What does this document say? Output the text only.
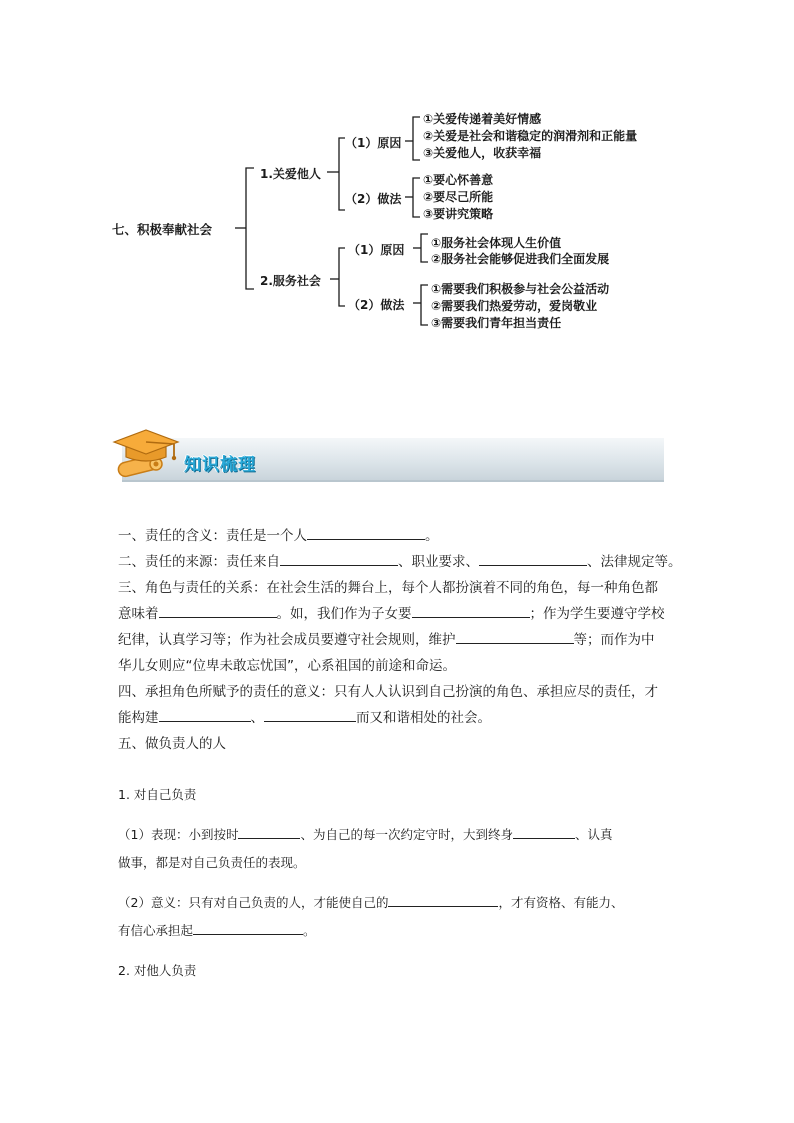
七、积极奉献社会
1.关爱他人
（1）原因
①关爱传递着美好情感
②关爱是社会和谐稳定的润滑剂和正能量
③关爱他人，收获幸福
（2）做法
①要心怀善意
②要尽己所能
③要讲究策略
2.服务社会
（1）原因 ①服务社会体现人生价值
②服务社会能够促进我们全面发展
（2）做法
①需要我们积极参与社会公益活动
②需要我们热爱劳动，爱岗敬业
③需要我们青年担当责任
知识梳理

一、责任的含义：责任是一个人	。

二、责任的来源：责任来自	、职业要求、	、法律规定等。

三、角色与责任的关系：在社会生活的舞台上，每个人都扮演着不同的角色，每一种角色都

意味着	。如，我们作为子女要	；作为学生要遵守学校

纪律，认真学习等；作为社会成员要遵守社会规则，维护	等；而作为中

华儿女则应“位卑未敢忘忧国”，心系祖国的前途和命运。

四、承担角色所赋予的责任的意义：只有人人认识到自己扮演的角色、承担应尽的责任，才

能构建	、	而又和谐相处的社会。

五、做负责人的人

1. 对自己负责

（1）表现：小到按时	、为自己的每一次约定守时，大到终身	、认真

做事，都是对自己负责任的表现。

（2）意义：只有对自己负责的人，才能使自己的	，才有资格、有能力、

有信心承担起	。

2. 对他人负责
